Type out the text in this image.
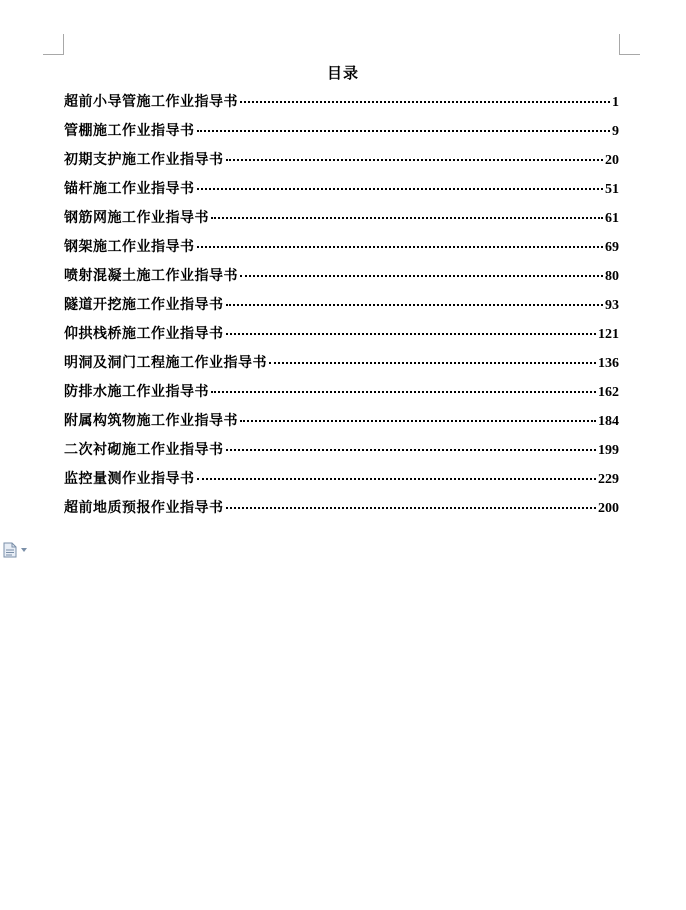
目录
超前小导管施工作业指导书	1
管棚施工作业指导书	9
初期支护施工作业指导书	20
锚杆施工作业指导书	51
钢筋网施工作业指导书	61
钢架施工作业指导书	69
喷射混凝土施工作业指导书	80
隧道开挖施工作业指导书	93
仰拱栈桥施工作业指导书	121
明洞及洞门工程施工作业指导书	136
防排水施工作业指导书	162
附属构筑物施工作业指导书	184
二次衬砌施工作业指导书	199
监控量测作业指导书	229
超前地质预报作业指导书	200
